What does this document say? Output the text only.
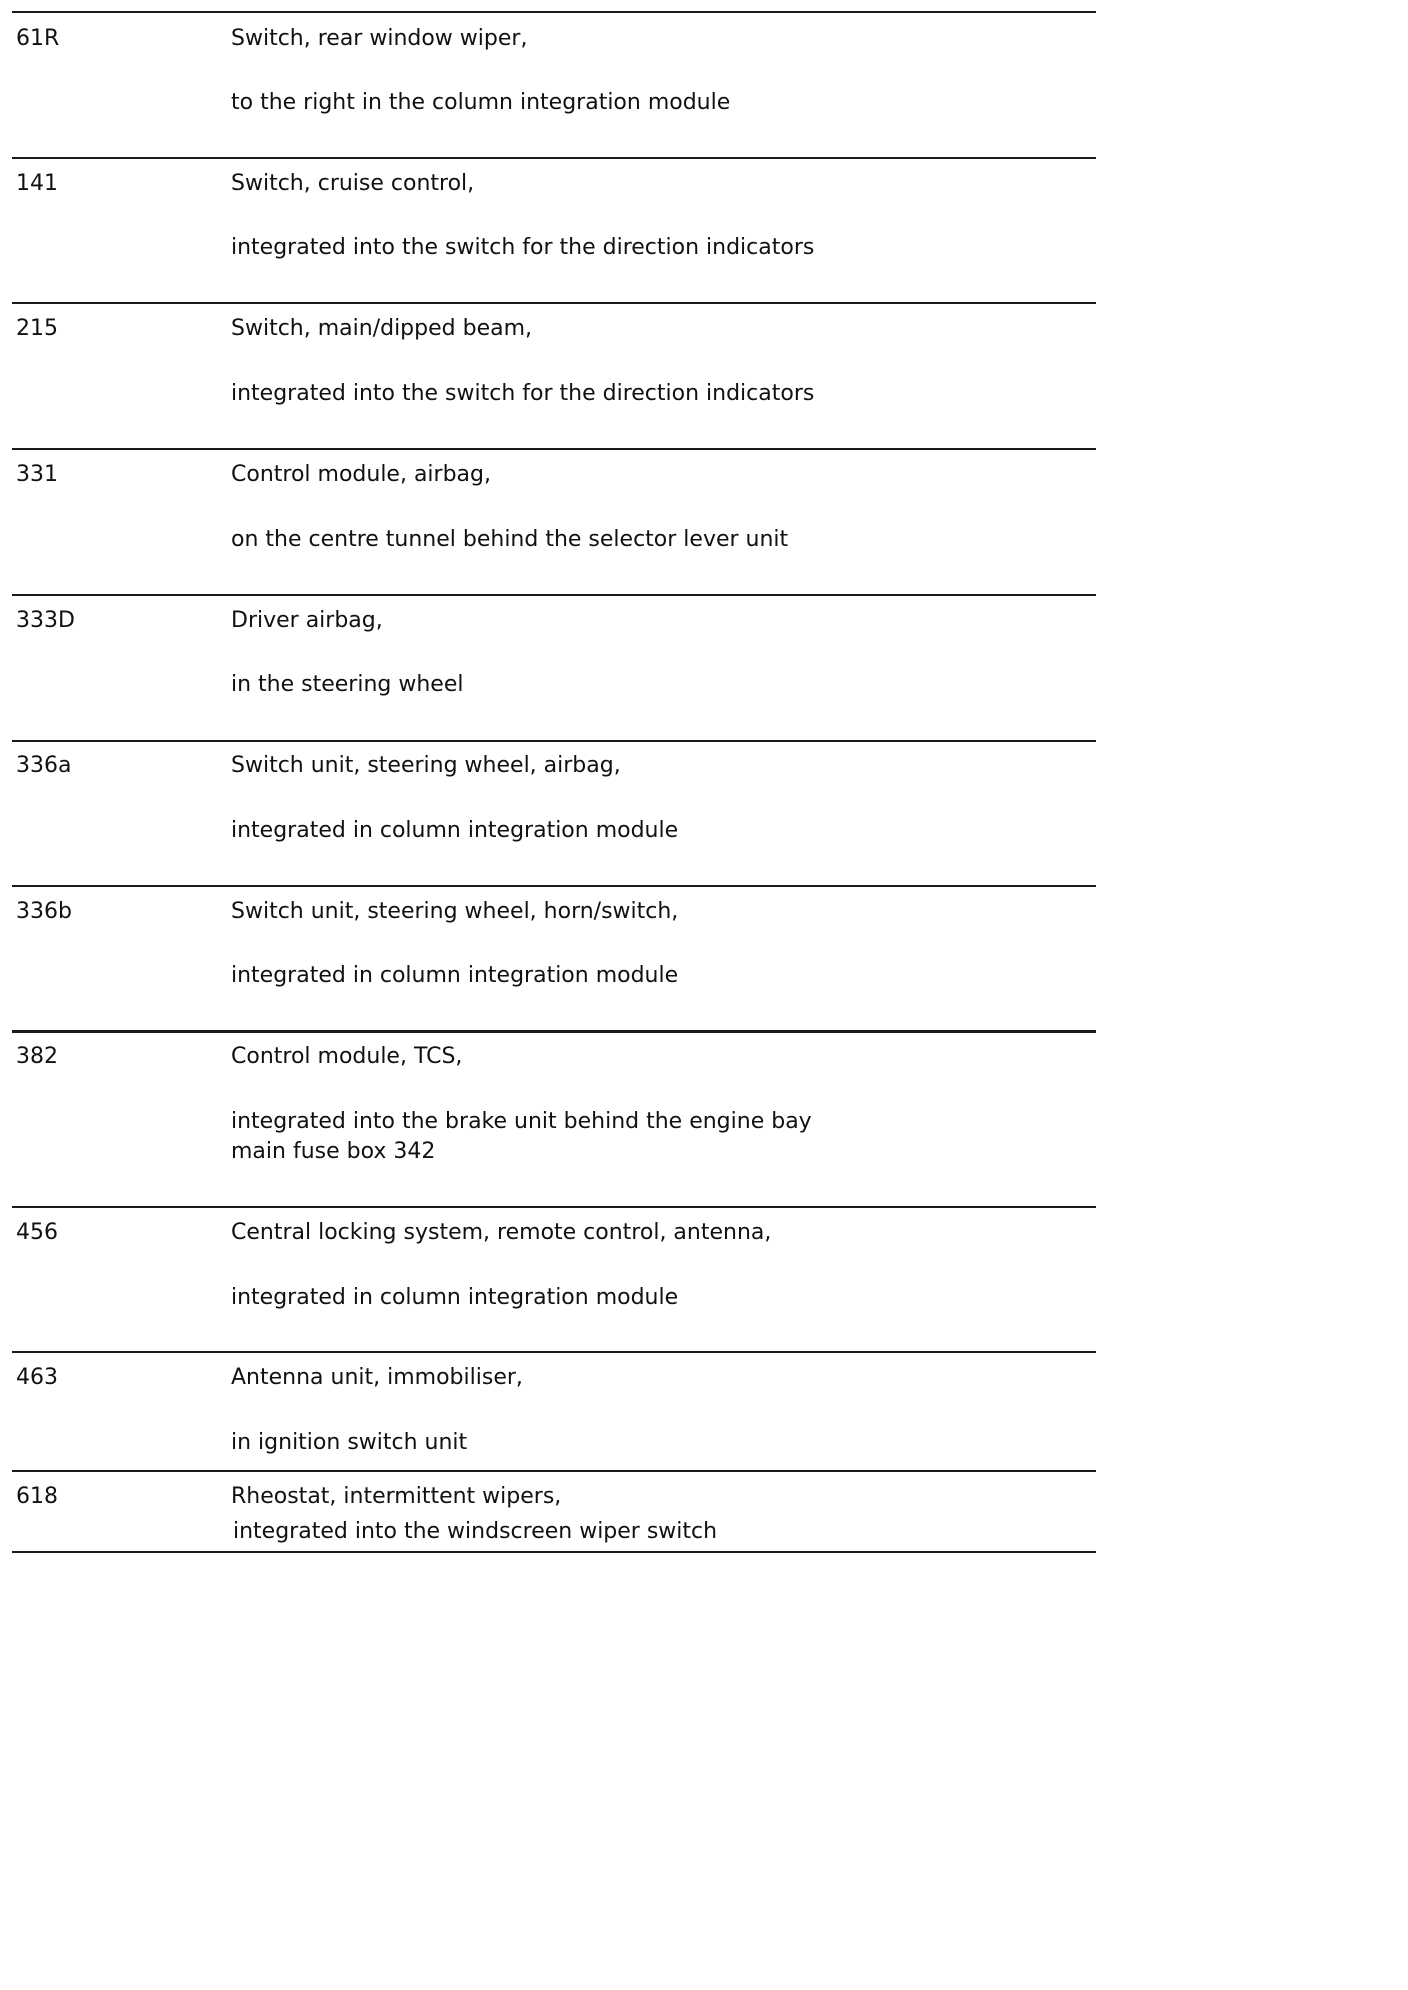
61R	Switch, rear window wiper,
to the right in the column integration module
141	Switch, cruise control,
integrated into the switch for the direction indicators
215	Switch, main/dipped beam,
integrated into the switch for the direction indicators
331	Control module, airbag,
on the centre tunnel behind the selector lever unit
333D	Driver airbag,
in the steering wheel
336a	Switch unit, steering wheel, airbag,
integrated in column integration module
336b	Switch unit, steering wheel, horn/switch,
integrated in column integration module
382	Control module, TCS,
integrated into the brake unit behind the engine bay
main fuse box 342
456	Central locking system, remote control, antenna,
integrated in column integration module
463	Antenna unit, immobiliser,
in ignition switch unit
618	Rheostat, intermittent wipers,
integrated into the windscreen wiper switch
